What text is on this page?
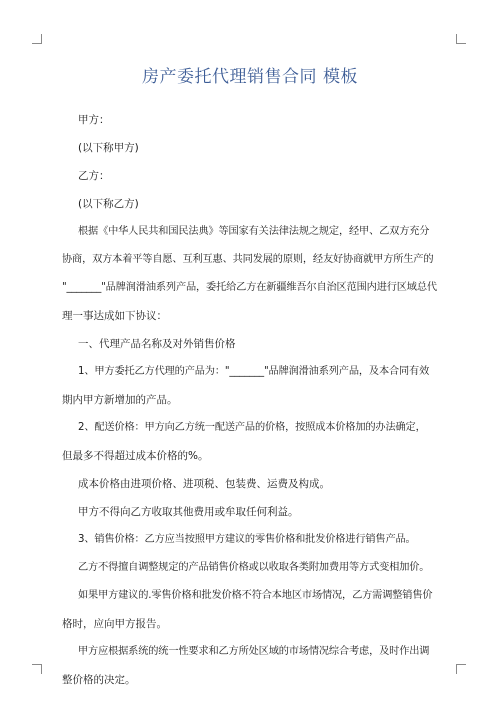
房产委托代理销售合同 模板
甲方：
(以下称甲方)
乙方：
(以下称乙方)
根据《中华人民共和国民法典》等国家有关法律法规之规定，经甲、乙双方充分
协商，双方本着平等自愿、互利互惠、共同发展的原则，经友好协商就甲方所生产的
"_______"品牌润滑油系列产品，委托给乙方在新疆维吾尔自治区范围内进行区域总代
理一事达成如下协议：
一、代理产品名称及对外销售价格
1、甲方委托乙方代理的产品为："_______"品牌润滑油系列产品，及本合同有效
期内甲方新增加的产品。
2、配送价格：甲方向乙方统一配送产品的价格，按照成本价格加的办法确定，
但最多不得超过成本价格的%。
成本价格由进项价格、进项税、包装费、运费及构成。
甲方不得向乙方收取其他费用或牟取任何利益。
3、销售价格：乙方应当按照甲方建议的零售价格和批发价格进行销售产品。
乙方不得擅自调整规定的产品销售价格或以收取各类附加费用等方式变相加价。
如果甲方建议的.零售价格和批发价格不符合本地区市场情况，乙方需调整销售价
格时，应向甲方报告。
甲方应根据系统的统一性要求和乙方所处区域的市场情况综合考虑，及时作出调
整价格的决定。
